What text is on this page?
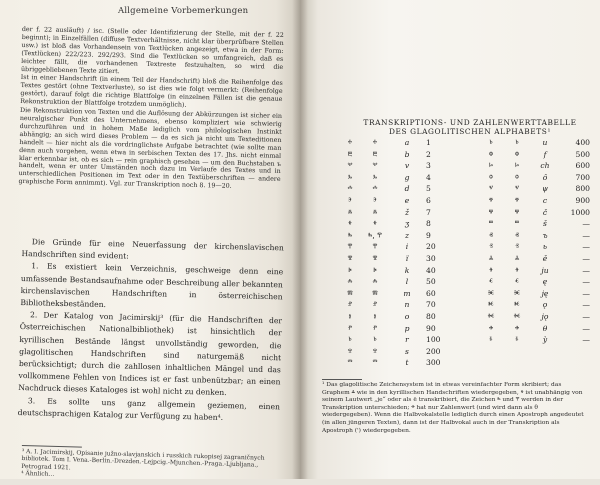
Allgemeine Vorbemerkungen

der f. 22 ausläuft) / isc. (Stelle oder Identifizierung der Stelle, mit der f. 22 beginnt); in Einzelfällen (diffuse Textverhältnisse, nicht klar überprüfbare Stellen usw.) ist bloß das Vorhandensein von Textlücken angezeigt, etwa in der Form: (Textlücken) 222/223. 292/293. Sind die Textlücken so umfangreich, daß es leichter fällt, die vorhandenen Textreste festzuhalten, so wird die übriggebliebenen Texte zitiert.

Ist in einer Handschrift (in einem Teil der Handschrift) bloß die Reihenfolge des Textes gestört (ohne Textverluste), so ist dies wie folgt vermerkt: (Reihenfolge gestört), darauf folgt die richtige Blattfolge (in einzelnen Fällen ist die genaue Rekonstruktion der Blattfolge trotzdem unmöglich).

Die Rekonstruktion von Texten und die Auflösung der Abkürzungen ist sicher ein neuralgischer Punkt des Unternehmens, ebenso kompliziert wie schwierig durchzuführen und in hohem Maße lediglich vom philologischen Instinkt abhängig; an sich wird dieses Problem — da es sich ja nicht um Texteditionen handelt — hier nicht als die vordringlichste Aufgabe betrachtet (wie sollte man denn auch vorgehen, wenn etwa in serbischen Texten des 17. Jhs. nicht einmal klar erkennbar ist, ob es sich — rein graphisch gesehen — um den Buchstaben ъ handelt, wenn er unter Umständen noch dazu im Verlaufe des Textes und in unterschiedlichen Positionen im Text oder in den Textüberschriften — andere graphische Form annimmt). Vgl. zur Transkription noch 8. 19—20.

Die Gründe für eine Neuerfassung der kirchenslavischen Handschriften sind evident:

1. Es existiert kein Verzeichnis, geschweige denn eine umfassende Bestandsaufnahme oder Beschreibung aller bekannten kirchenslavischen Handschriften in österreichischen Bibliotheksbeständen.

2. Der Katalog von Jacimirskij³ (für die Handschriften der Österreichischen Nationalbibliothek) ist hinsichtlich der kyrillischen Bestände längst unvollständig geworden, die glagolitischen Handschriften sind naturgemäß nicht berücksichtigt; durch die zahllosen inhaltlichen Mängel und das vollkommene Fehlen von Indices ist er fast unbenützbar; an einen Nachdruck dieses Kataloges ist wohl nicht zu denken.

3. Es sollte uns ganz allgemein geziemen, einen deutschsprachigen Katalog zur Verfügung zu haben⁴.

³ A. I. Jacimirskij, Opisanie južno-slavjanskich i russkich rukopisej zagraničnych bibliotek. Tom I. Vena.-Berlin.-Drezden.-Lejpcig.-Mjunchen.-Praga.-Ljubljana., Petrograd 1921.
⁴ Ähnlich...
TRANSKRIPTIONS- UND ZAHLENWERTTABELLE DES GLAGOLITISCHEN ALPHABETS¹
ⰰ	ⰰ	a	1	ⱃ	ⱃ	u	400
ⰱ	ⰱ	b	2	ⱇ	ⱇ	f	500
ⰲ	ⰲ	v	3	ⱈ	ⱈ	ch	600
ⰳ	ⰳ	g	4	ⱉ	ⱉ	ô	700
ⰴ	ⰴ	d	5	ⱌ	ⱌ	ψ	800
ⰵ	ⰵ	e	6	ⱍ	ⱍ	c	900
ⰶ	ⰶ	ž	7	ⱋ	ⱋ	č	1000
ⰷ	ⰷ	ʒ	8	ⱎ	ⱎ	š	—
ⰸ	ⰸ, ⰹ	z	9	ⱏ	ⱏ	ъ	—
ⰹ	ⰹ	i	20	ⱐ	ⱐ	ь	—
ⰺ	ⰺ	ï	30	ⱑ	ⱑ	ě	—
ⰽ	ⰽ	k	40	ⱖ	ⱖ	ju	—
ⰾ	ⰾ	l	50	ⱔ	ⱔ	ę	—
ⰿ	ⰿ	m	60	ⱗ	ⱗ	ję	—
ⱀ	ⱀ	n	70	ⱘ	ⱘ	ǫ	—
ⱁ	ⱁ	o	80	ⱙ	ⱙ	jǫ	—
ⱂ	ⱂ	p	90	ⱚ	ⱚ	θ	—
ⱃ	ⱃ	r	100	ⱛ	ⱛ	ỳ	—
ⱄ	ⱄ	s	200
ⱅ	ⱅ	t	300
¹ Das glagolitische Zeichensystem ist in etwas vereinfachter Form skribiert; das Graphem ⱑ wie in den kyrillischen Handschriften wiedergegeben, ⰷ ist unabhängig von seinem Lautwert „je“ oder als ë transkribiert, die Zeichen ⰸ und ⰹ werden in der Transkription unterschieden; ⱚ hat nur Zahlenwert (und wird dann als θ wiedergegeben). Wenn die Halbvokalstelle lediglich durch einen Apostroph angedeutet (in allen jüngeren Texten), dann ist der Halbvokal auch in der Transkription als Apostroph (') wiedergegeben.
